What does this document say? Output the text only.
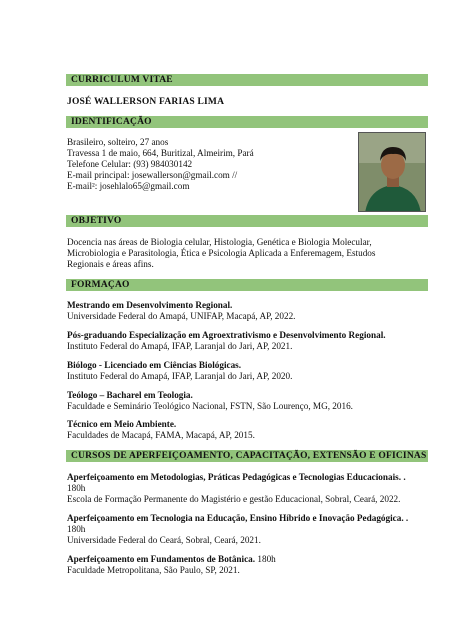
CURRICULUM VITAE
JOSÉ WALLERSON FARIAS LIMA
IDENTIFICAÇÃO
Brasileiro, solteiro, 27 anos
Travessa 1 de maio, 664, Buritizal, Almeirim, Pará
Telefone Celular: (93) 984030142
E-mail principal: josewallerson@gmail.com //
E-mail²: josehlalo65@gmail.com
OBJETIVO
Docencia nas áreas de Biologia celular, Histologia, Genética e Biologia Molecular,
Microbiologia e Parasitologia, Ética e Psicologia Aplicada a Enferemagem, Estudos
Regionais e áreas afins.
FORMAÇAO
Mestrando em Desenvolvimento Regional.
Universidade Federal do Amapá, UNIFAP, Macapá, AP, 2022.
Pós-graduando Especialização em Agroextrativismo e Desenvolvimento Regional.
Instituto Federal do Amapá, IFAP, Laranjal do Jari, AP, 2021.
Biólogo - Licenciado em Ciências Biológicas.
Instituto Federal do Amapá, IFAP, Laranjal do Jari, AP, 2020.
Teólogo – Bacharel em Teologia.
Faculdade e Seminário Teológico Nacional, FSTN, São Lourenço, MG, 2016.
Técnico em Meio Ambiente.
Faculdades de Macapá, FAMA, Macapá, AP, 2015.
CURSOS DE APERFEIÇOAMENTO, CAPACITAÇÃO, EXTENSÃO E OFICINAS
Aperfeiçoamento em Metodologias, Práticas Pedagógicas e Tecnologias Educacionais. .
180h
Escola de Formação Permanente do Magistério e gestão Educacional, Sobral, Ceará, 2022.
Aperfeiçoamento em Tecnologia na Educação, Ensino Híbrido e Inovação Pedagógica. .
180h
Universidade Federal do Ceará, Sobral, Ceará, 2021.
Aperfeiçoamento em Fundamentos de Botânica. 180h
Faculdade Metropolitana, São Paulo, SP, 2021.
